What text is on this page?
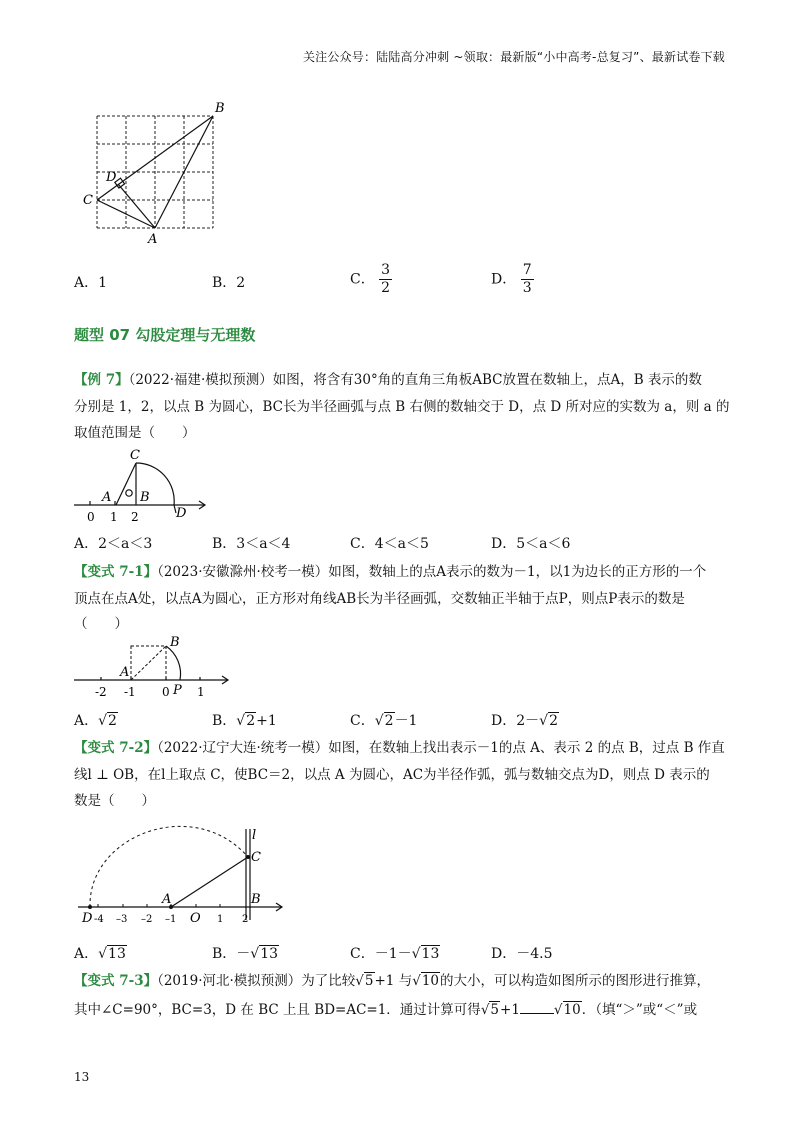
关注公众号：陆陆高分冲刺 ~领取：最新版“小中高考-总复习”、最新试卷下载
B
C
D
A
A．1	B．2	C． $\frac{3}{2}$	D． $\frac{7}{3}$
题型 07 勾股定理与无理数
【例 7】（2022·福建·模拟预测）如图，将含有30°角的直角三角板ABC放置在数轴上，点A，B 表示的数
分别是 1，2，以点 B 为圆心，BC长为半径画弧与点 B 右侧的数轴交于 D，点 D 所对应的实数为 a，则 a 的
取值范围是（　　）
C
A B
D
0 1 2
A．2＜a＜3	B．3＜a＜4	C．4＜a＜5	D．5＜a＜6
【变式 7-1】（2023·安徽滁州·校考一模）如图，数轴上的点A表示的数为－1，以1为边长的正方形的一个
顶点在点A处，以点A为圆心，正方形对角线AB长为半径画弧，交数轴正半轴于点P，则点P表示的数是
（　　）
B
A
P
-2 -1 0 1
A．√2	B．√2+1	C．√2－1	D．2－√2
【变式 7-2】（2022·辽宁大连·统考一模）如图，在数轴上找出表示－1的点 A、表示 2 的点 B，过点 B 作直
线l ⊥ OB，在l上取点 C，使BC＝2，以点 A 为圆心，AC为半径作弧，弧与数轴交点为D，则点 D 表示的
数是（　　）
l
C
A	B
D -4 –3 –2 –1 O 1 2
A．√13	B．－√13	C．－1－√13	D．－4.5
【变式 7-3】（2019·河北·模拟预测）为了比较√5+1 与√10的大小，可以构造如图所示的图形进行推算，
其中∠C=90°，BC=3，D 在 BC 上且 BD=AC=1．通过计算可得√5+1	√10．（填“＞”或“＜”或
13
